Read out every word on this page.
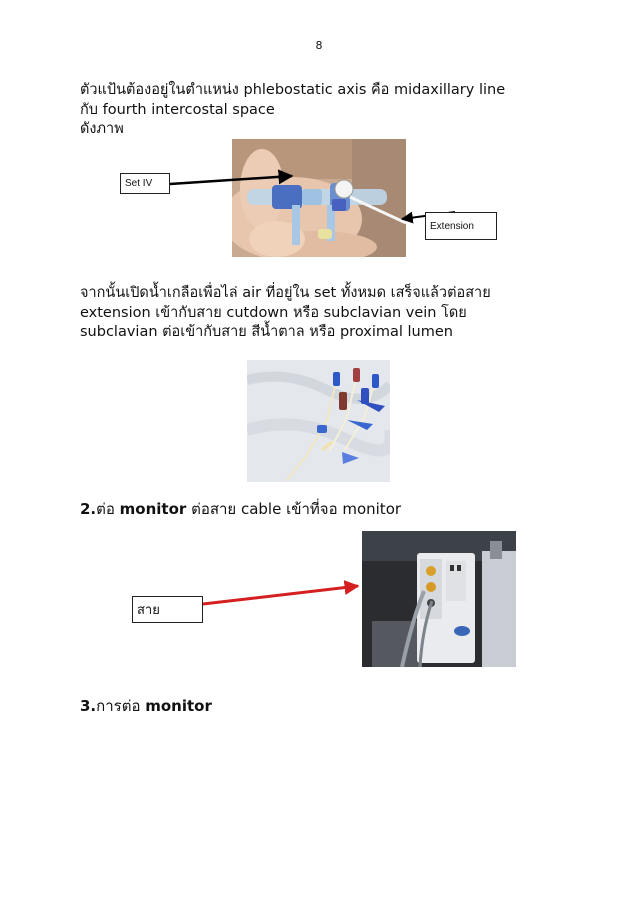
8
ตัวแป้นต้องอยู่ในตำแหน่ง phlebostatic axis คือ midaxillary line
กับ fourth intercostal space
ดังภาพ
Set IV
Extension
จากนั้นเปิดน้ำเกลือเพื่อไล่ air ที่อยู่ใน set ทั้งหมด เสร็จแล้วต่อสาย
extension เข้ากับสาย cutdown หรือ subclavian vein โดย
subclavian ต่อเข้ากับสาย สีน้ำตาล หรือ proximal lumen
2.ต่อ monitor ต่อสาย cable เข้าที่จอ monitor
สาย
3.การต่อ monitor
